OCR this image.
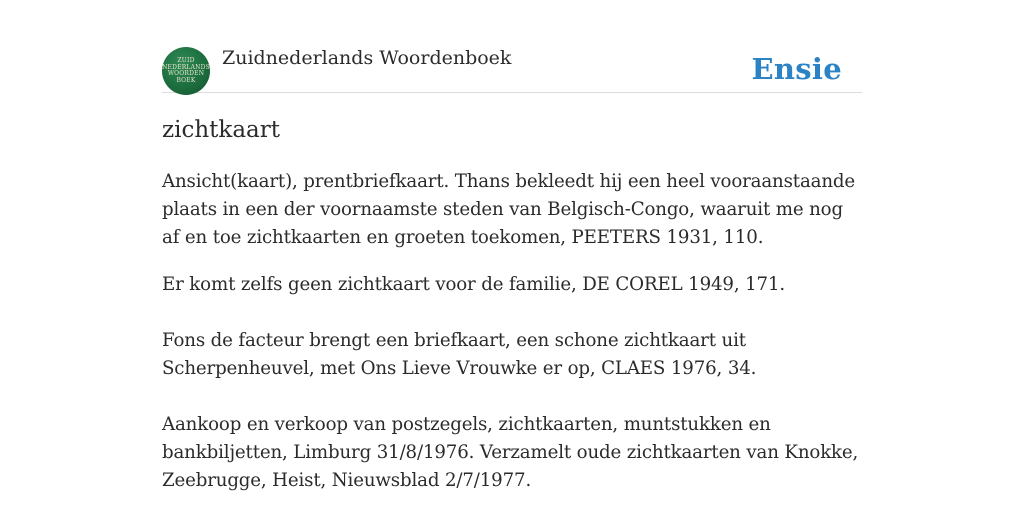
ZUID
NEDERLANDS
WOORDEN
BOEK
Zuidnederlands Woordenboek	Ensie
zichtkaart

Ansicht(kaart), prentbriefkaart. Thans bekleedt hij een heel vooraanstaande plaats in een der voornaamste steden van Belgisch-Congo, waaruit me nog af en toe zichtkaarten en groeten toekomen, PEETERS 1931, 110.

Er komt zelfs geen zichtkaart voor de familie, DE COREL 1949, 171.

Fons de facteur brengt een briefkaart, een schone zichtkaart uit Scherpenheuvel, met Ons Lieve Vrouwke er op, CLAES 1976, 34.

Aankoop en verkoop van postzegels, zichtkaarten, muntstukken en bankbiljetten, Limburg 31/8/1976. Verzamelt oude zichtkaarten van Knokke, Zeebrugge, Heist, Nieuwsblad 2/7/1977.
